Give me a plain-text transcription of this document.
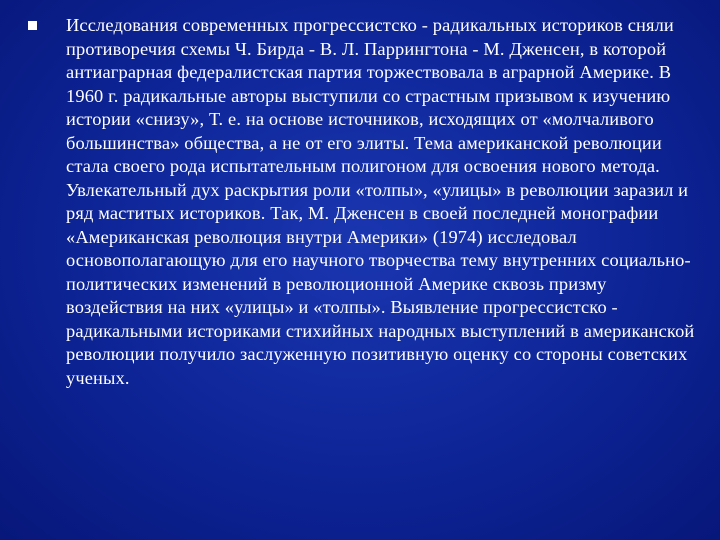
Исследования современных прогрессистско - радикальных историков сняли противоречия схемы Ч. Бирда - В. Л. Паррингтона - М. Дженсен, в которой антиаграрная федералистская партия торжествовала в аграрной Америке. В 1960 г. радикальные авторы выступили со страстным призывом к изучению истории «снизу», Т. е. на основе источников, исходящих от «молчаливого большинства» общества, а не от его элиты. Тема американской революции стала своего рода испытательным полигоном для освоения нового метода. Увлекательный дух раскрытия роли «толпы», «улицы» в революции заразил и ряд маститых историков. Так, М. Дженсен в своей последней монографии «Американская революция внутри Америки» (1974) исследовал основополагающую для его научного творчества тему внутренних социально-политических изменений в революционной Америке сквозь призму воздействия на них «улицы» и «толпы». Выявление прогрессистско - радикальными историками стихийных народных выступлений в американской революции получило заслуженную позитивную оценку со стороны советских ученых.
